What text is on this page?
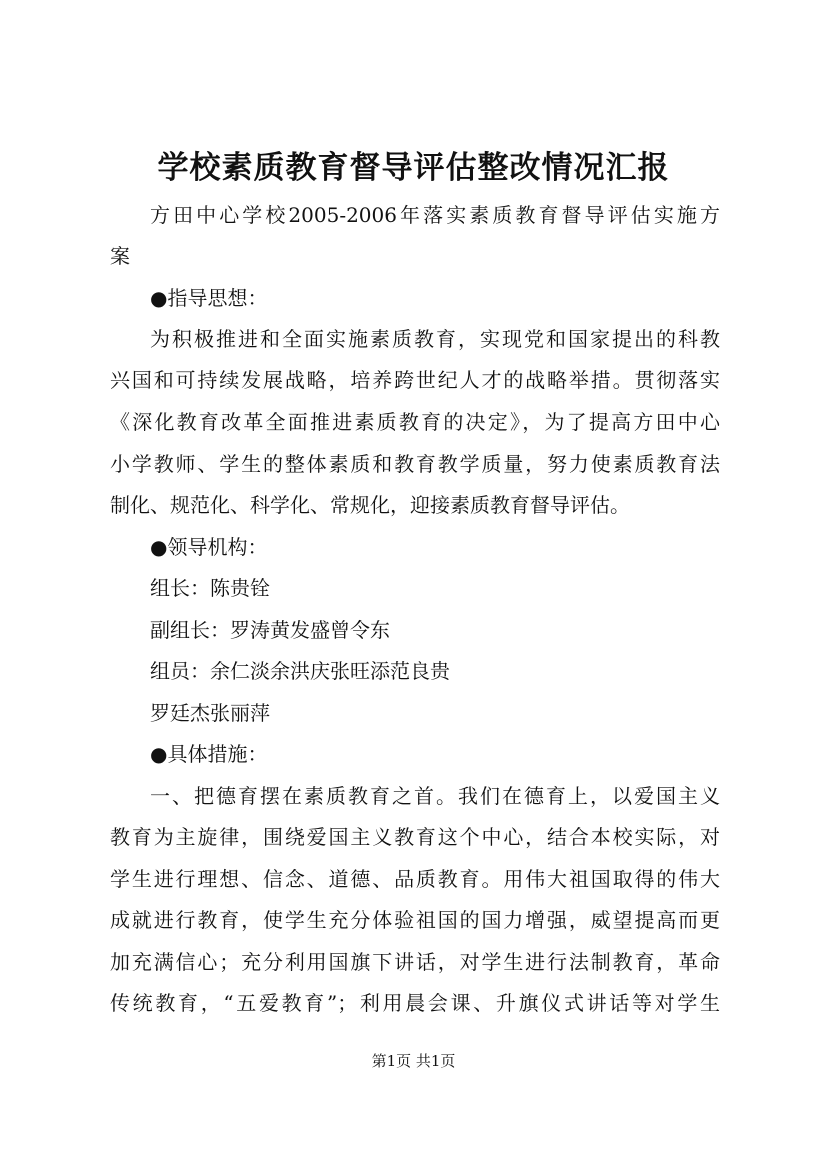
学校素质教育督导评估整改情况汇报
方田中心学校2005-2006年落实素质教育督导评估实施方
案
●指导思想：
为积极推进和全面实施素质教育，实现党和国家提出的科教
兴国和可持续发展战略，培养跨世纪人才的战略举措。贯彻落实
《深化教育改革全面推进素质教育的决定》，为了提高方田中心
小学教师、学生的整体素质和教育教学质量，努力使素质教育法
制化、规范化、科学化、常规化，迎接素质教育督导评估。
●领导机构：
组长：陈贵铨
副组长：罗涛黄发盛曾令东
组员：余仁淡余洪庆张旺添范良贵
罗廷杰张丽萍
●具体措施：
一、把德育摆在素质教育之首。我们在德育上，以爱国主义
教育为主旋律，围绕爱国主义教育这个中心，结合本校实际，对
学生进行理想、信念、道德、品质教育。用伟大祖国取得的伟大
成就进行教育，使学生充分体验祖国的国力增强，威望提高而更
加充满信心；充分利用国旗下讲话，对学生进行法制教育，革命
传统教育，“五爱教育”；利用晨会课、升旗仪式讲话等对学生
第1页 共1页
